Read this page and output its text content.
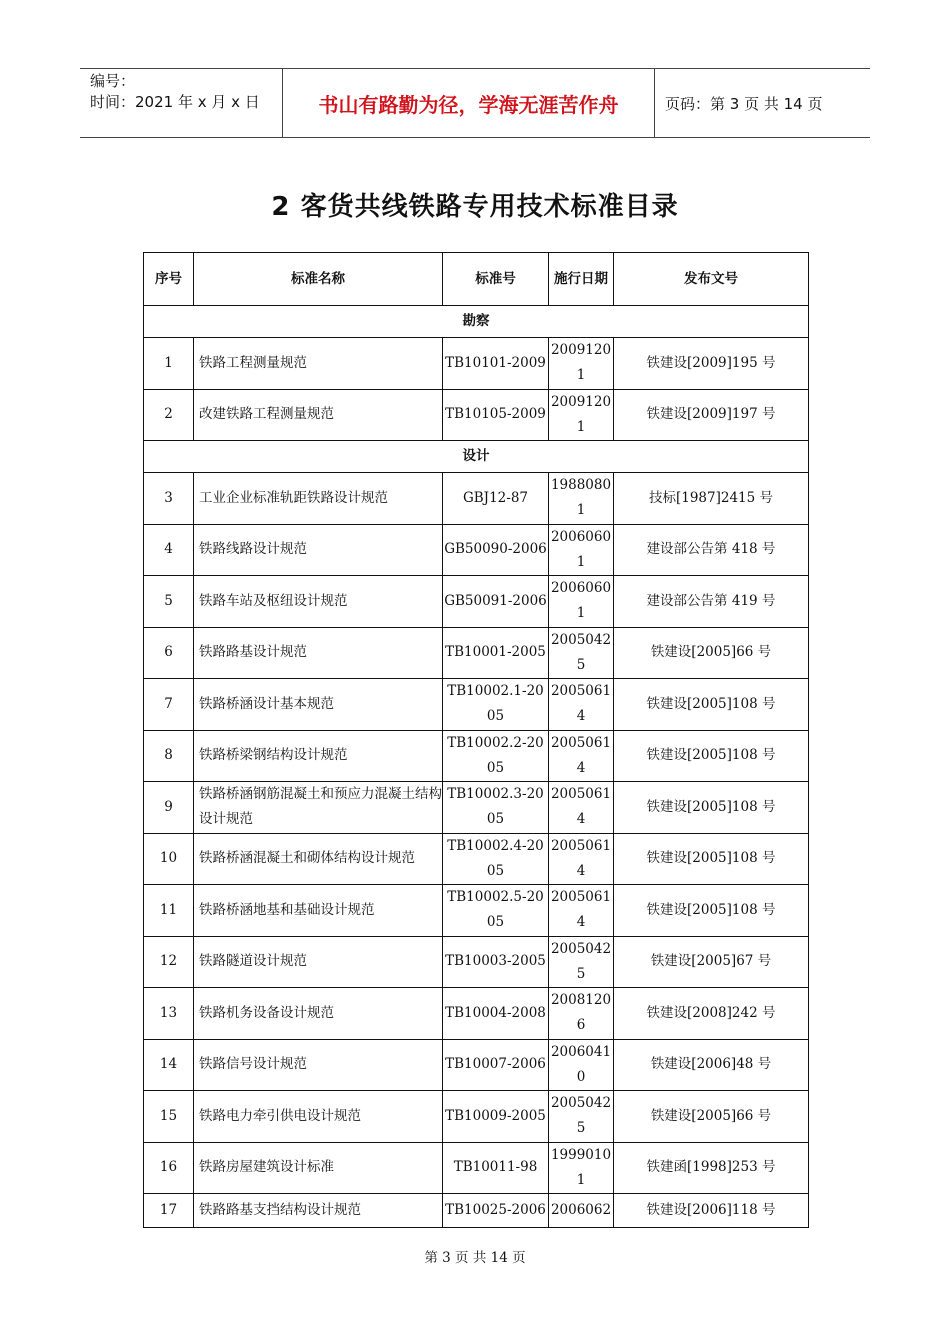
编号：
时间：2021 年 x 月 x 日	书山有路勤为径，学海无涯苦作舟	页码：第 3 页 共 14 页
2 客货共线铁路专用技术标准目录
序号	标准名称	标准号	施行日期	发布文号
勘察				
1	铁路工程测量规范	TB10101-2009	20091201	铁建设[2009]195 号
2	改建铁路工程测量规范	TB10105-2009	20091201	铁建设[2009]197 号
设计				
3	工业企业标准轨距铁路设计规范	GBJ12-87	19880801	技标[1987]2415 号
4	铁路线路设计规范	GB50090-2006	20060601	建设部公告第 418 号
5	铁路车站及枢纽设计规范	GB50091-2006	20060601	建设部公告第 419 号
6	铁路路基设计规范	TB10001-2005	20050425	铁建设[2005]66 号
7	铁路桥涵设计基本规范	TB10002.1-2005	20050614	铁建设[2005]108 号
8	铁路桥梁钢结构设计规范	TB10002.2-2005	20050614	铁建设[2005]108 号
9	铁路桥涵钢筋混凝土和预应力混凝土结构设计规范	TB10002.3-2005	20050614	铁建设[2005]108 号
10	铁路桥涵混凝土和砌体结构设计规范	TB10002.4-2005	20050614	铁建设[2005]108 号
11	铁路桥涵地基和基础设计规范	TB10002.5-2005	20050614	铁建设[2005]108 号
12	铁路隧道设计规范	TB10003-2005	20050425	铁建设[2005]67 号
13	铁路机务设备设计规范	TB10004-2008	20081206	铁建设[2008]242 号
14	铁路信号设计规范	TB10007-2006	20060410	铁建设[2006]48 号
15	铁路电力牵引供电设计规范	TB10009-2005	20050425	铁建设[2005]66 号
16	铁路房屋建筑设计标准	TB10011-98	19990101	铁建函[1998]253 号
17	铁路路基支挡结构设计规范	TB10025-2006	2006062	铁建设[2006]118 号
第 3 页 共 14 页
